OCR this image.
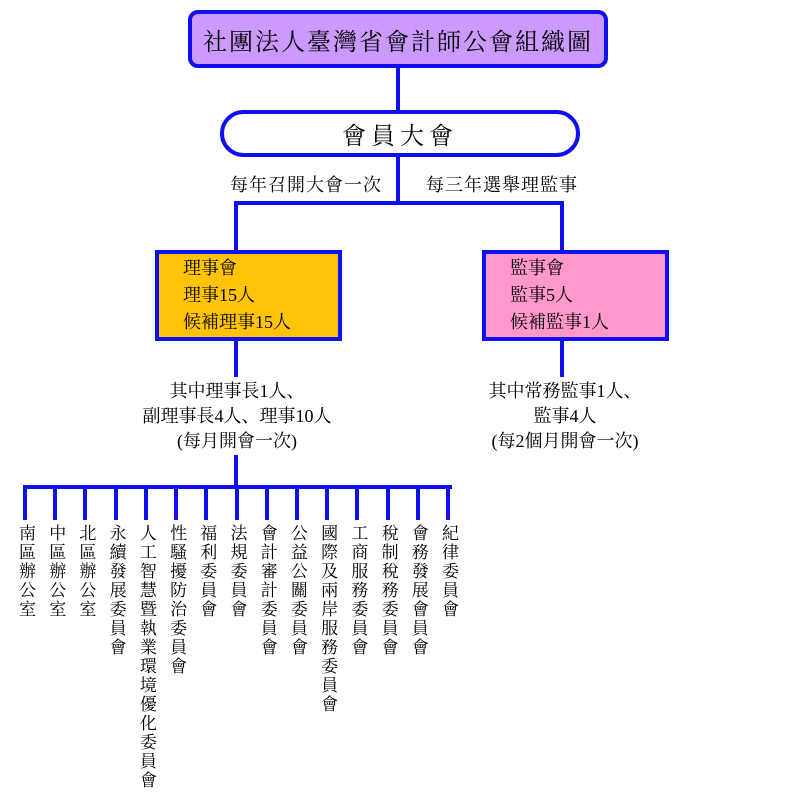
社團法人臺灣省會計師公會組織圖
會員大會
每年召開大會一次	每三年選舉理監事
理事會
理事15人
候補理事15人
監事會
監事5人
候補監事1人
其中理事長1人、
副理事長4人、理事10人
(每月開會一次)
其中常務監事1人、
監事4人
(每2個月開會一次)
南區辦公室 中區辦公室 北區辦公室 永續發展委員會 人工智慧暨執業環境優化委員會 性騷擾防治委員會 福利委員會 法規委員會 會計審計委員會 公益公關委員會 國際及兩岸服務委員會 工商服務委員會 稅制稅務委員會 會務發展會員會 紀律委員會
